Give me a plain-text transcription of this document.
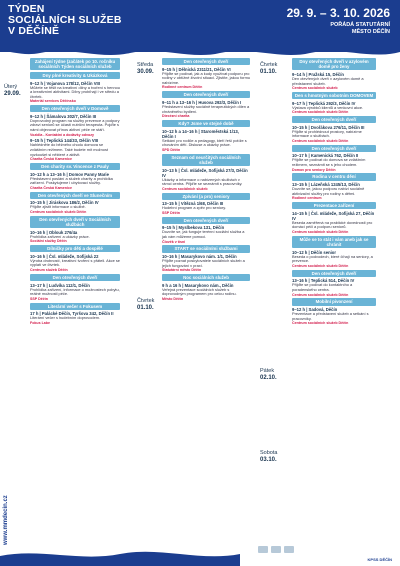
TÝDEN
SOCIÁLNÍCH SLUŽEB
V DĚČÍNĚ
29. 9. – 3. 10. 2026
POŘÁDÁ STATUTÁRNÍ
MĚSTO DĚČÍN
Úterý
29.09.
Středa
30.09.
Čtvrtek
01.10.
Čtvrtek
01.10.
Pátek
02.10.
Sobota
03.10.
Zahájení týdne (začátek po 10. ročníku sociálních Týden sociálních služeb
Dny plné kreativity & Ukázková
9–12 h | Vojanova 178/12, Děčín VIII
Můžete se těšit na kreativní dílny a tvoření s hennou a kreativními aktivitami. Dílny probíhají i ve středu a čtvrtek.
Materiál services Děčínsko
Den otevřených dveří v Domově
9–12 h | Šámalova 302/7, Děčín III
Doprovodný program na služby prevence a podpory zdraví seniorů se účastí nutriční terapeuta. Pojďte s námi objevovat přínos aktivní péče ve stáří.
Vozidla - Kontaktní a dodávky odvozy
9–15 h | Teplická 144/33, Děčín VIII
Nahlédněte do běžného chodu domova se zvláštním režimem. Také budete mít možnost vyzkoušet si některé z aktivit.
Charita Česká Kamenice
Den charity sv. Vincence z Pauly
10–12 h a 13–16 h | Domov Panny Marie
Představení poslání a služeb charity a prohlídka zařízení. Poskytujeme i ubytovací služby.
Charita Česká Kamenice
Den otevřených dveří ve Slunečním
10–15 h | Jiráskova 186/2, Děčín IV
Přijďte zjistit informace o službě.
Centrum sociálních služeb Děčín
Den otevřených dveří v Sociálních službách
10–16 h | Oblouk 276/4a
Prohlídka zařízení a ukázky práce.
Sociální služby Děčín
Dílničky pro děti a dospělé
10–16 h | Čsl. mládeže, Sofijská 22
Výroba drobností, kreativní tvoření s přáteli. Akce se vyplatí ve čtvrtek.
Centrum služeb Děčín
Den otevřených dveří
13–17 h | Ludvíka 112/1, Děčín
Prohlídka zařízení, informace o možnostech pobytu, reálné možnosti péče.
SSP Děčín
Literární večer s Fokusem
17 h | Palácké Děčín, Tyršova 342, Děčín II
Literární večer s hudebním doprovodem.
Fokus Labe
Den otevřených dveří
9–15 h | Dělnická 2311/21, Děčín VI
Přijďte se podívat, jak a kudy využívat podporu pro rodiny v obtížné životní situaci. Zjistíte, jakou formu nabízíme.
Rodinné centrum Děčín
Den otevřených dveří
9–11 h a 13–16 h | Husova 292/3, Děčín I
Představení služby sociálně terapeutických dílen a chráněného bydlení.
Diecézní charita
Kdy? Jsme ve stejné době
10–12 h a 14–16 h | Staroměstská 1/13, Děčín I
Setkání pro rodiče a pedagogy, kteří řeší potíže s chováním dětí. Diskuse a ukázky práce.
SPD Děčín
Seznam od neurčitých sociálních služeb
10–13 h | Čsl. mládeže, Sofijská 27/3, Děčín IV
Ukázky a informace o nabízených službách v rámci centra. Přijďte se seznámit s pracovníky.
Centrum sociálních služeb
Zpívání (a pro) seniory
13–15 h | Vítězná 1/68, Děčín III
Hudební program a zpěv pro seniory.
SSP Děčín
Den otevřených dveří
9–15 h | Myslbekova 131, Děčín
Dozvíte se, jak funguje terénní sociální služba a jak vám můžeme pomoci.
Člověk v tísni
START se sociálními službami
10–16 h | Masarykovo nám. 1/1, Děčín
Přijďte poznat poskytovatele sociálních služeb a jejich fungování v praxi.
Statutární město Děčín
Noc sociálních služeb
9 h a 16 h | Masarykovo nám., Děčín
Veřejná prezentace sociálních služeb s doprovodným programem pro celou rodinu.
Město Děčín
Dny otevřených dveří v azylovém domě pro ženy
9–14 h | Pražská 15, Děčín
Den otevřených dveří v azylovém domě a představení služeb.
Centrum sociálních služeb
Den s hmotným sobotním DOMOVEM
9–17 h | Teplická 292/3, Děčín IV
Výstava výrobků klientů a venkovní akce.
Centrum sociálních služeb Děčín
Den otevřených dveří
10–15 h | Dvořákova 276/11, Děčín III
Přijďte si prohlédnout prostory, nabízíme informace o službách.
Centrum sociálních služeb Děčín
Den otevřených dveří
10–17 h | Kamenická 762, Děčín II
Přijďte se podívat do domova se zvláštním režimem, seznámit se s jeho chodem.
Domov pro seniory Děčín
Rodina v centru dění
13–15 h | Lázeňská 1245/13, Děčín
Dozvíte se, jakou podporu nabízí sociálně aktivizační služby pro rodiny s dětmi.
Rodinné centrum
Prezentace zařízení
14–15 h | Čsl. mládeže, Sofijská 27, Děčín IV
Beseda zaměřená na praktické dovednosti pro domácí péči a podporu seniorů.
Centrum sociálních služeb Děčín
Může se to stát i vám aneb jak se chránit
10–12 h | Děčín senior
Beseda o podvodech, které číhají na seniory, a prevence.
Centrum sociálních služeb Děčín
Den otevřených dveří
13–16 h | Teplická 514, Děčín IV
Přijďte se podívat do kontaktního a poradenského centra.
Centrum sociálních služeb Děčín
Mobilní pivonzení
9–12 h | Sadová, Děčín
Prezentace a představení služeb a setkání s pracovníky.
Centrum sociálních služeb Děčín
www.mmdecin.cz
KPSS DĚČÍN
